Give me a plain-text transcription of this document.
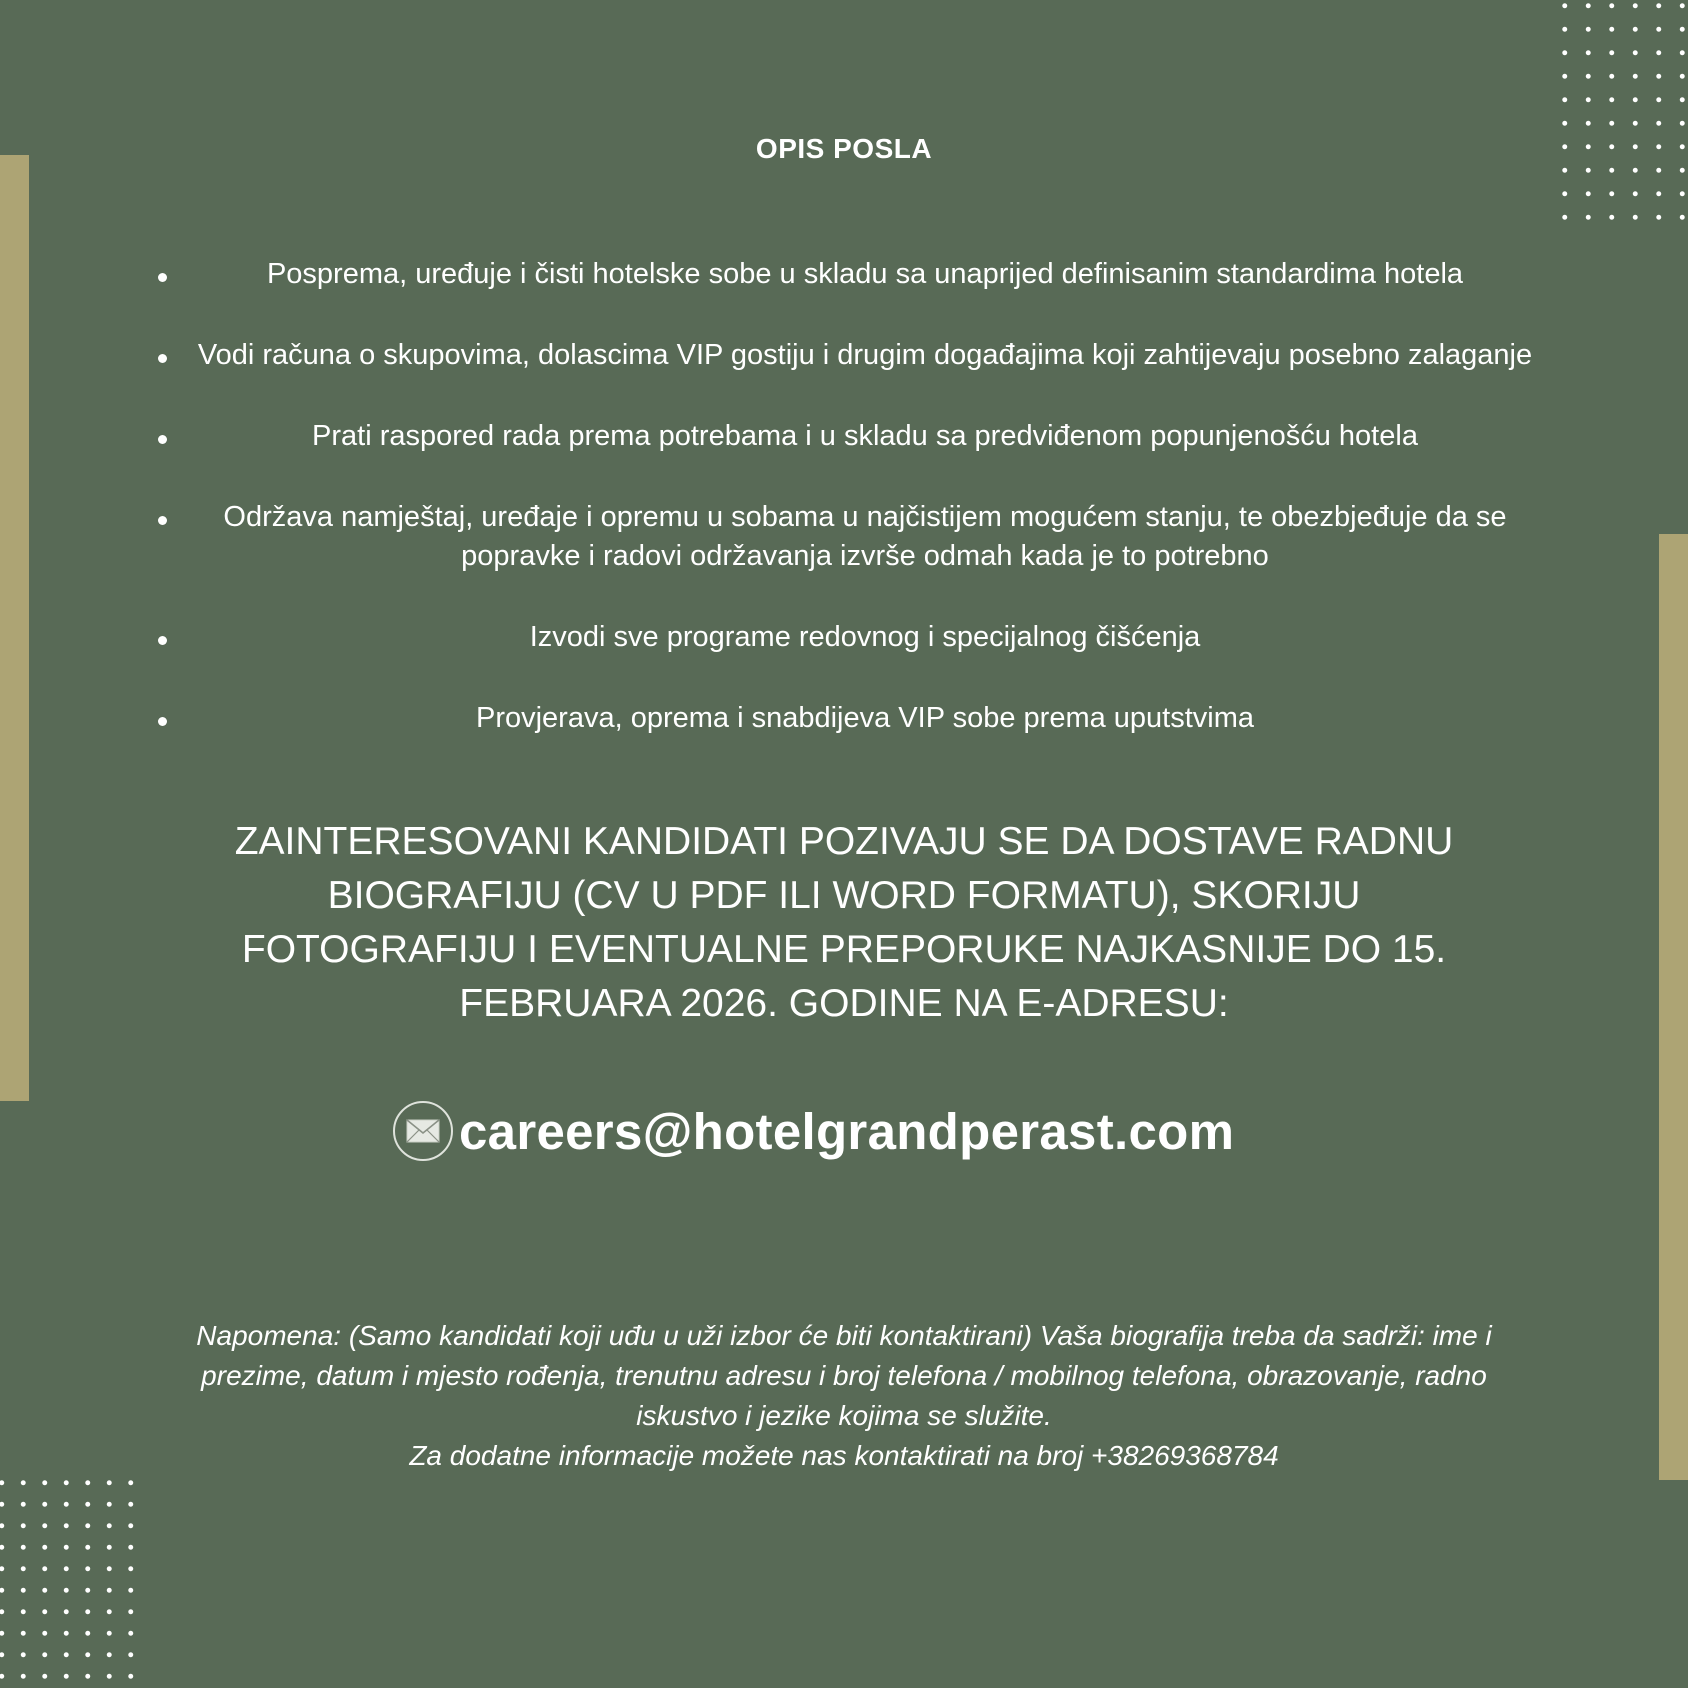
OPIS POSLA
Posprema, uređuje i čisti hotelske sobe u skladu sa unaprijed definisanim standardima hotela
Vodi računa o skupovima, dolascima VIP gostiju i drugim događajima koji zahtijevaju posebno zalaganje
Prati raspored rada prema potrebama i u skladu sa predviđenom popunjenošću hotela
Održava namještaj, uređaje i opremu u sobama u najčistijem mogućem stanju, te obezbjeđuje da se popravke i radovi održavanja izvrše odmah kada je to potrebno
Izvodi sve programe redovnog i specijalnog čišćenja
Provjerava, oprema i snabdijeva VIP sobe prema uputstvima
ZAINTERESOVANI KANDIDATI POZIVAJU SE DA DOSTAVE RADNU BIOGRAFIJU (CV U PDF ILI WORD FORMATU), SKORIJU FOTOGRAFIJU I EVENTUALNE PREPORUKE NAJKASNIJE DO 15. FEBRUARA 2026. GODINE NA E-ADRESU:
careers@hotelgrandperast.com

Napomena: (Samo kandidati koji uđu u uži izbor će biti kontaktirani) Vaša biografija treba da sadrži: ime i prezime, datum i mjesto rođenja, trenutnu adresu i broj telefona / mobilnog telefona, obrazovanje, radno iskustvo i jezike kojima se služite.

Za dodatne informacije možete nas kontaktirati na broj +38269368784
